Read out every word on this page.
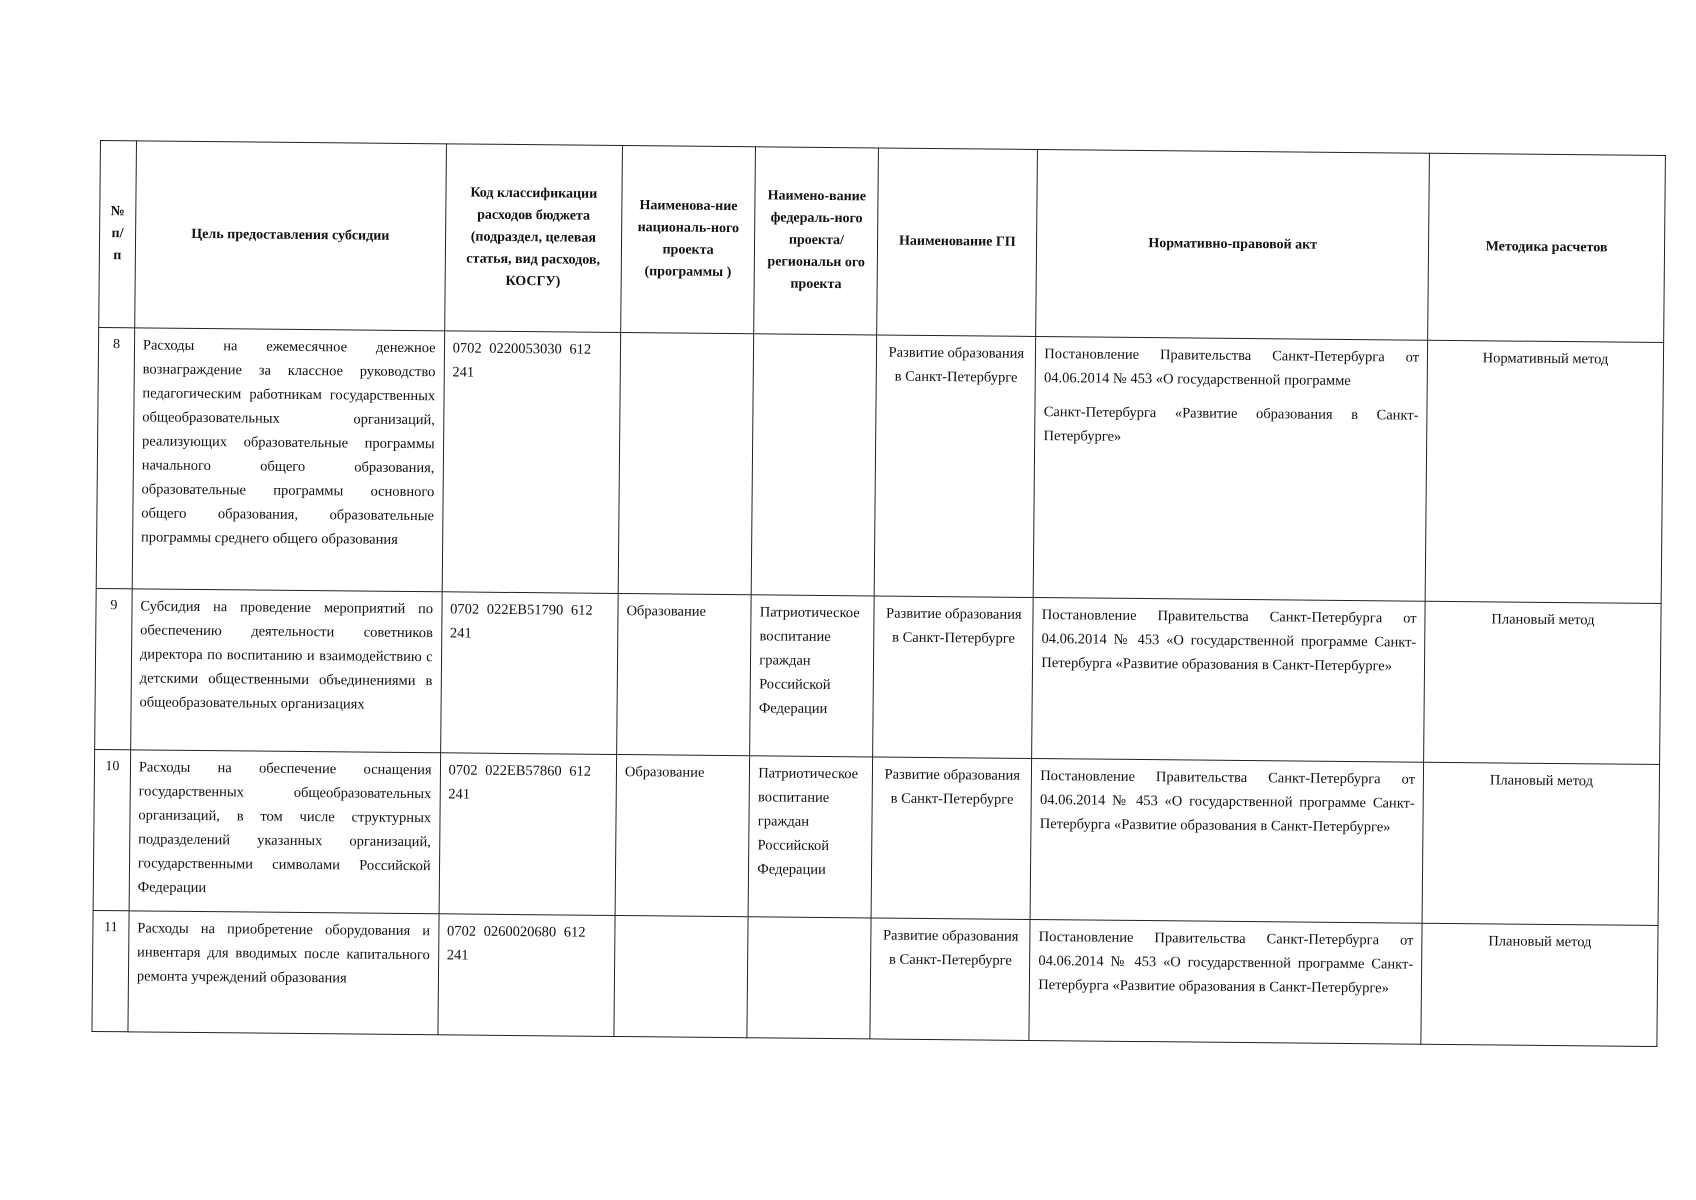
№ п/п	Цель предоставления субсидии	Код классификации расходов бюджета (подраздел, целевая статья, вид расходов, КОСГУ)	Наименова-ние националь-ного проекта (программы )	Наимено-вание федераль-ного проекта/ региональн ого проекта	Наименование ГП	Нормативно-правовой акт	Методика расчетов
8	Расходы на ежемесячное денежное вознаграждение за классное руководство педагогическим работникам государственных общеобразовательных организаций, реализующих образовательные программы начального общего образования, образовательные программы основного общего образования, образовательные программы среднего общего образования	0702 0220053030 612 241			Развитие образования в Санкт-Петербурге	Постановление Правительства Санкт-Петербурга от 04.06.2014 № 453 «О государственной программе
Санкт-Петербурга «Развитие образования в Санкт-Петербурге»	Нормативный метод
9	Субсидия на проведение мероприятий по обеспечению деятельности советников директора по воспитанию и взаимодействию с детскими общественными объединениями в общеобразовательных организациях	0702 022EB51790 612 241	Образование	Патриотическое воспитание граждан Российской Федерации	Развитие образования в Санкт-Петербурге	Постановление Правительства Санкт-Петербурга от 04.06.2014 № 453 «О государственной программе Санкт-Петербурга «Развитие образования в Санкт-Петербурге»	Плановый метод
10	Расходы на обеспечение оснащения государственных общеобразовательных организаций, в том числе структурных подразделений указанных организаций, государственными символами Российской Федерации	0702 022EB57860 612 241	Образование	Патриотическое воспитание граждан Российской Федерации	Развитие образования в Санкт-Петербурге	Постановление Правительства Санкт-Петербурга от 04.06.2014 № 453 «О государственной программе Санкт-Петербурга «Развитие образования в Санкт-Петербурге»	Плановый метод
11	Расходы на приобретение оборудования и инвентаря для вводимых после капитального ремонта учреждений образования	0702 0260020680 612 241			Развитие образования в Санкт-Петербурге	Постановление Правительства Санкт-Петербурга от 04.06.2014 № 453 «О государственной программе Санкт-Петербурга «Развитие образования в Санкт-Петербурге»	Плановый метод
